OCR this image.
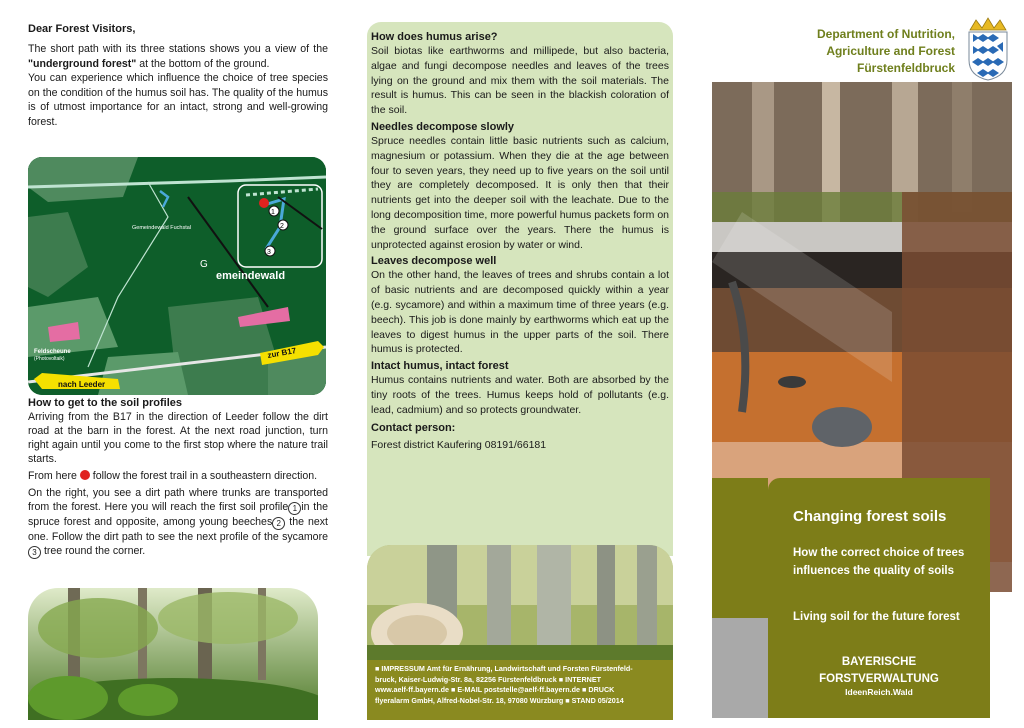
Dear Forest Visitors,

The short path with its three stations shows you a view of the "underground forest" at the bottom of the ground.

You can experience which influence the choice of tree species on the condition of the humus soil has. The quality of the humus is of utmost importance for an intact, strong and well-growing forest.

1
2
3
Gemeindewald Fuchstal
G
emeindewald
Feldscheune
(Photovoltaik)	zur B17
nach Leeder

How to get to the soil profiles

Arriving from the B17 in the direction of Leeder follow the dirt road at the barn in the forest. At the next road junction, turn right again until you come to the first stop where the nature trail starts.

From here  follow the forest trail in a southeastern direction.

On the right, you see a dirt path where trunks are transported from the forest. Here you will reach the first soil profile 1 in the spruce forest and opposite, among young beeches 2 the next one. Follow the dirt path to see the next profile of the sycamore 3 tree round the corner.

How does humus arise?

Soil biotas like earthworms and millipede, but also bacteria, algae and fungi decompose needles and leaves of the trees lying on the ground and mix them with the soil materials. The result is humus. This can be seen in the blackish coloration of the soil.

Needles decompose slowly

Spruce needles contain little basic nutrients such as calcium, magnesium or potassium. When they die at the age between four to seven years, they need up to five years on the soil until they are completely decomposed. It is only then that their nutrients get into the deeper soil with the leachate. Due to the long decomposition time, more powerful humus packets form on the ground surface over the years. There the humus is unprotected against erosion by water or wind.

Leaves decompose well

On the other hand, the leaves of trees and shrubs contain a lot of basic nutrients and are decomposed quickly within a year (e.g. sycamore) and within a maximum time of three years (e.g. beech). This job is done mainly by earthworms which eat up the leaves to digest humus in the upper parts of the soil. There humus is protected.

Intact humus, intact forest

Humus contains nutrients and water. Both are absorbed by the tiny roots of the trees. Humus keeps hold of pollutants (e.g. lead, cadmium) and so protects groundwater.

Contact person:

Forest district Kaufering 08191/66181

■ IMPRESSUM Amt für Ernährung, Landwirtschaft und Forsten Fürstenfeld-
bruck, Kaiser-Ludwig-Str. 8a, 82256 Fürstenfeldbruck ■ INTERNET
www.aelf-ff.bayern.de ■ E-MAIL poststelle@aelf-ff.bayern.de ■ DRUCK
flyeralarm GmbH, Alfred-Nobel-Str. 18, 97080 Würzburg ■ STAND 05/2014
Department of Nutrition,
Agriculture and Forest
Fürstenfeldbruck
Changing forest soils
How the correct choice of trees influences the quality of soils
Living soil for the future forest
BAYERISCHE
FORSTVERWALTUNG
IdeenReich.Wald
